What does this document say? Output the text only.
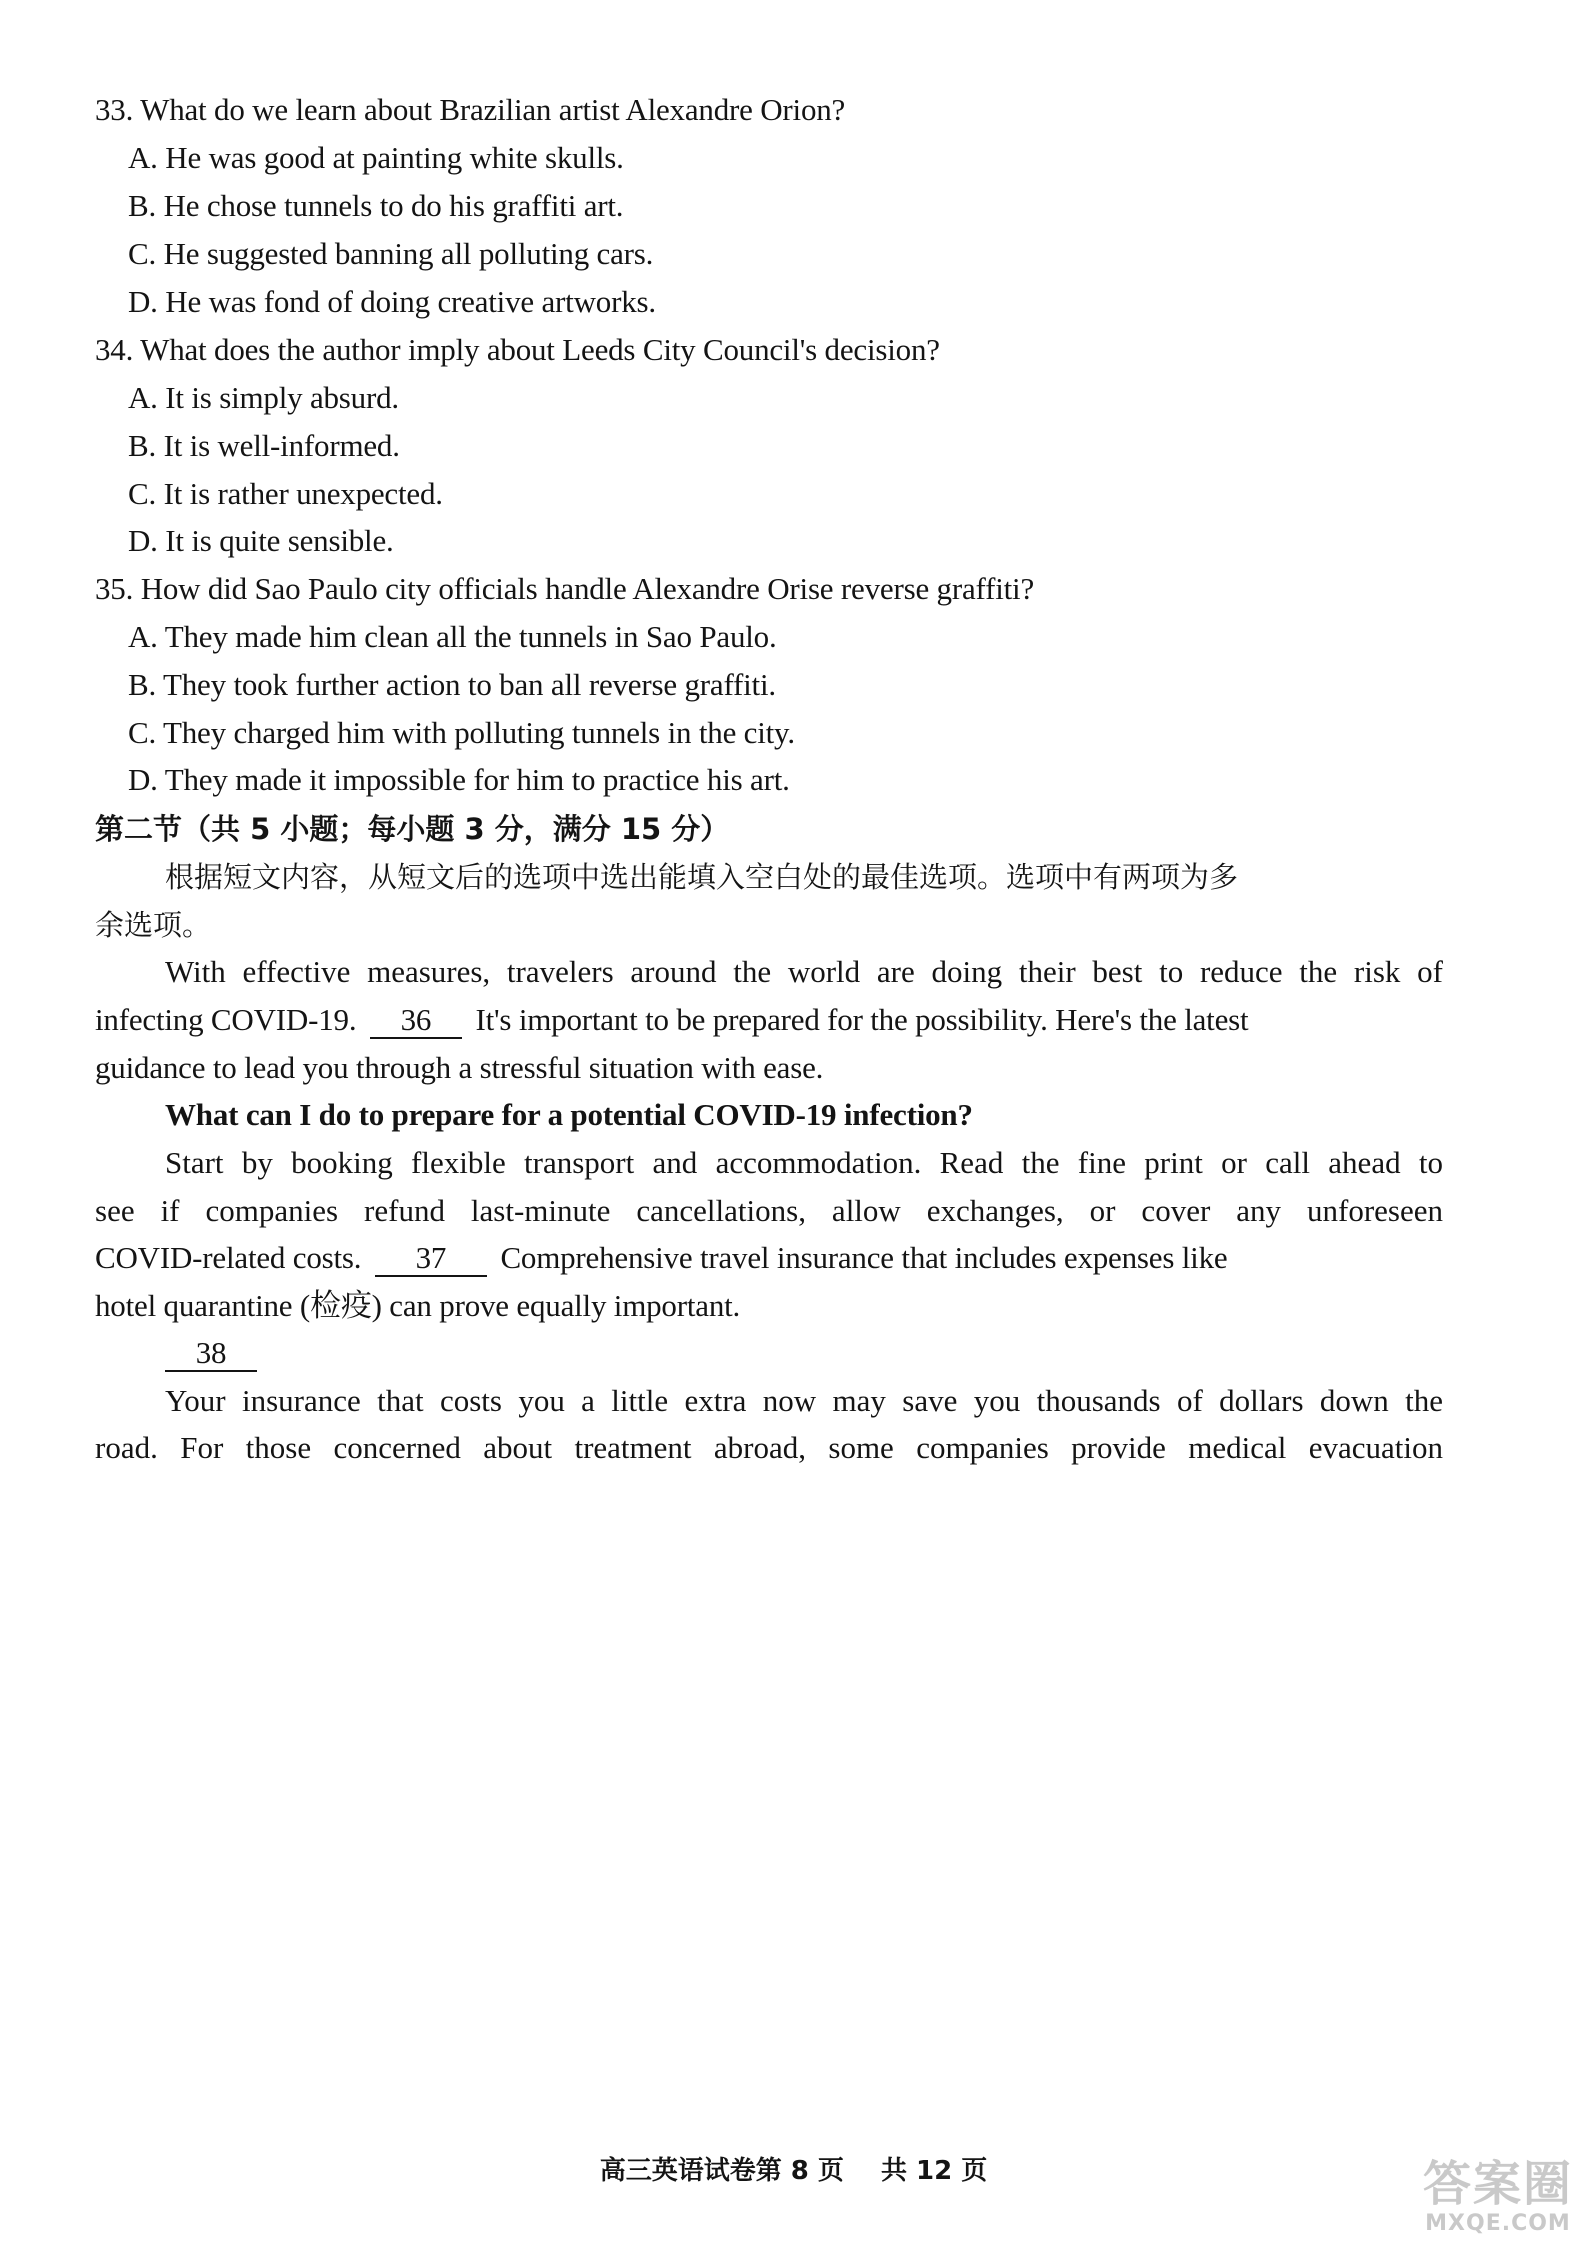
33. What do we learn about Brazilian artist Alexandre Orion?
A. He was good at painting white skulls.
B. He chose tunnels to do his graffiti art.
C. He suggested banning all polluting cars.
D. He was fond of doing creative artworks.
34. What does the author imply about Leeds City Council's decision?
A. It is simply absurd.
B. It is well-informed.
C. It is rather unexpected.
D. It is quite sensible.
35. How did Sao Paulo city officials handle Alexandre Orise reverse graffiti?
A. They made him clean all the tunnels in Sao Paulo.
B. They took further action to ban all reverse graffiti.
C. They charged him with polluting tunnels in the city.
D. They made it impossible for him to practice his art.
第二节（共 5 小题；每小题 3 分，满分 15 分）
根据短文内容，从短文后的选项中选出能填入空白处的最佳选项。选项中有两项为多
余选项。
With effective measures, travelers around the world are doing their best to reduce the risk of
infecting COVID-19. 36 It's important to be prepared for the possibility. Here's the latest
guidance to lead you through a stressful situation with ease.
What can I do to prepare for a potential COVID-19 infection?
Start by booking flexible transport and accommodation. Read the fine print or call ahead to
see if companies refund last-minute cancellations, allow exchanges, or cover any unforeseen
COVID-related costs. 37 Comprehensive travel insurance that includes expenses like
hotel quarantine (检疫) can prove equally important.
38
Your insurance that costs you a little extra now may save you thousands of dollars down the
road. For those concerned about treatment abroad, some companies provide medical evacuation
高三英语试卷第 8 页 共 12 页	答案圈
MXQE.COM
